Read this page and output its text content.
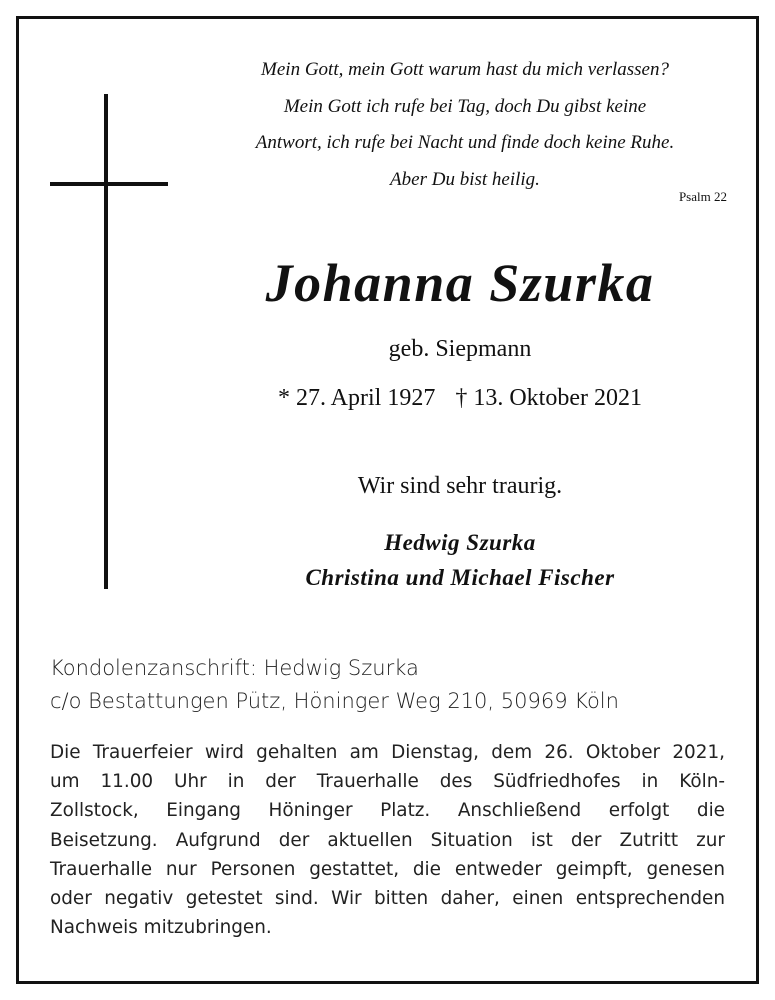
Mein Gott, mein Gott warum hast du mich verlassen?
Mein Gott ich rufe bei Tag, doch Du gibst keine
Antwort, ich rufe bei Nacht und finde doch keine Ruhe.
Aber Du bist heilig.
Psalm 22
Johanna Szurka
geb. Siepmann
* 27. April 1927 † 13. Oktober 2021
Wir sind sehr traurig.
Hedwig Szurka
Christina und Michael Fischer
Kondolenzanschrift: Hedwig Szurka
c/o Bestattungen Pütz, Höninger Weg 210, 50969 Köln
Die Trauerfeier wird gehalten am Dienstag, dem 26. Oktober 2021,
um 11.00 Uhr in der Trauerhalle des Südfriedhofes in Köln-
Zollstock, Eingang Höninger Platz. Anschließend erfolgt die
Beisetzung. Aufgrund der aktuellen Situation ist der Zutritt zur
Trauerhalle nur Personen gestattet, die entweder geimpft, genesen
oder negativ getestet sind. Wir bitten daher, einen entsprechenden
Nachweis mitzubringen.
